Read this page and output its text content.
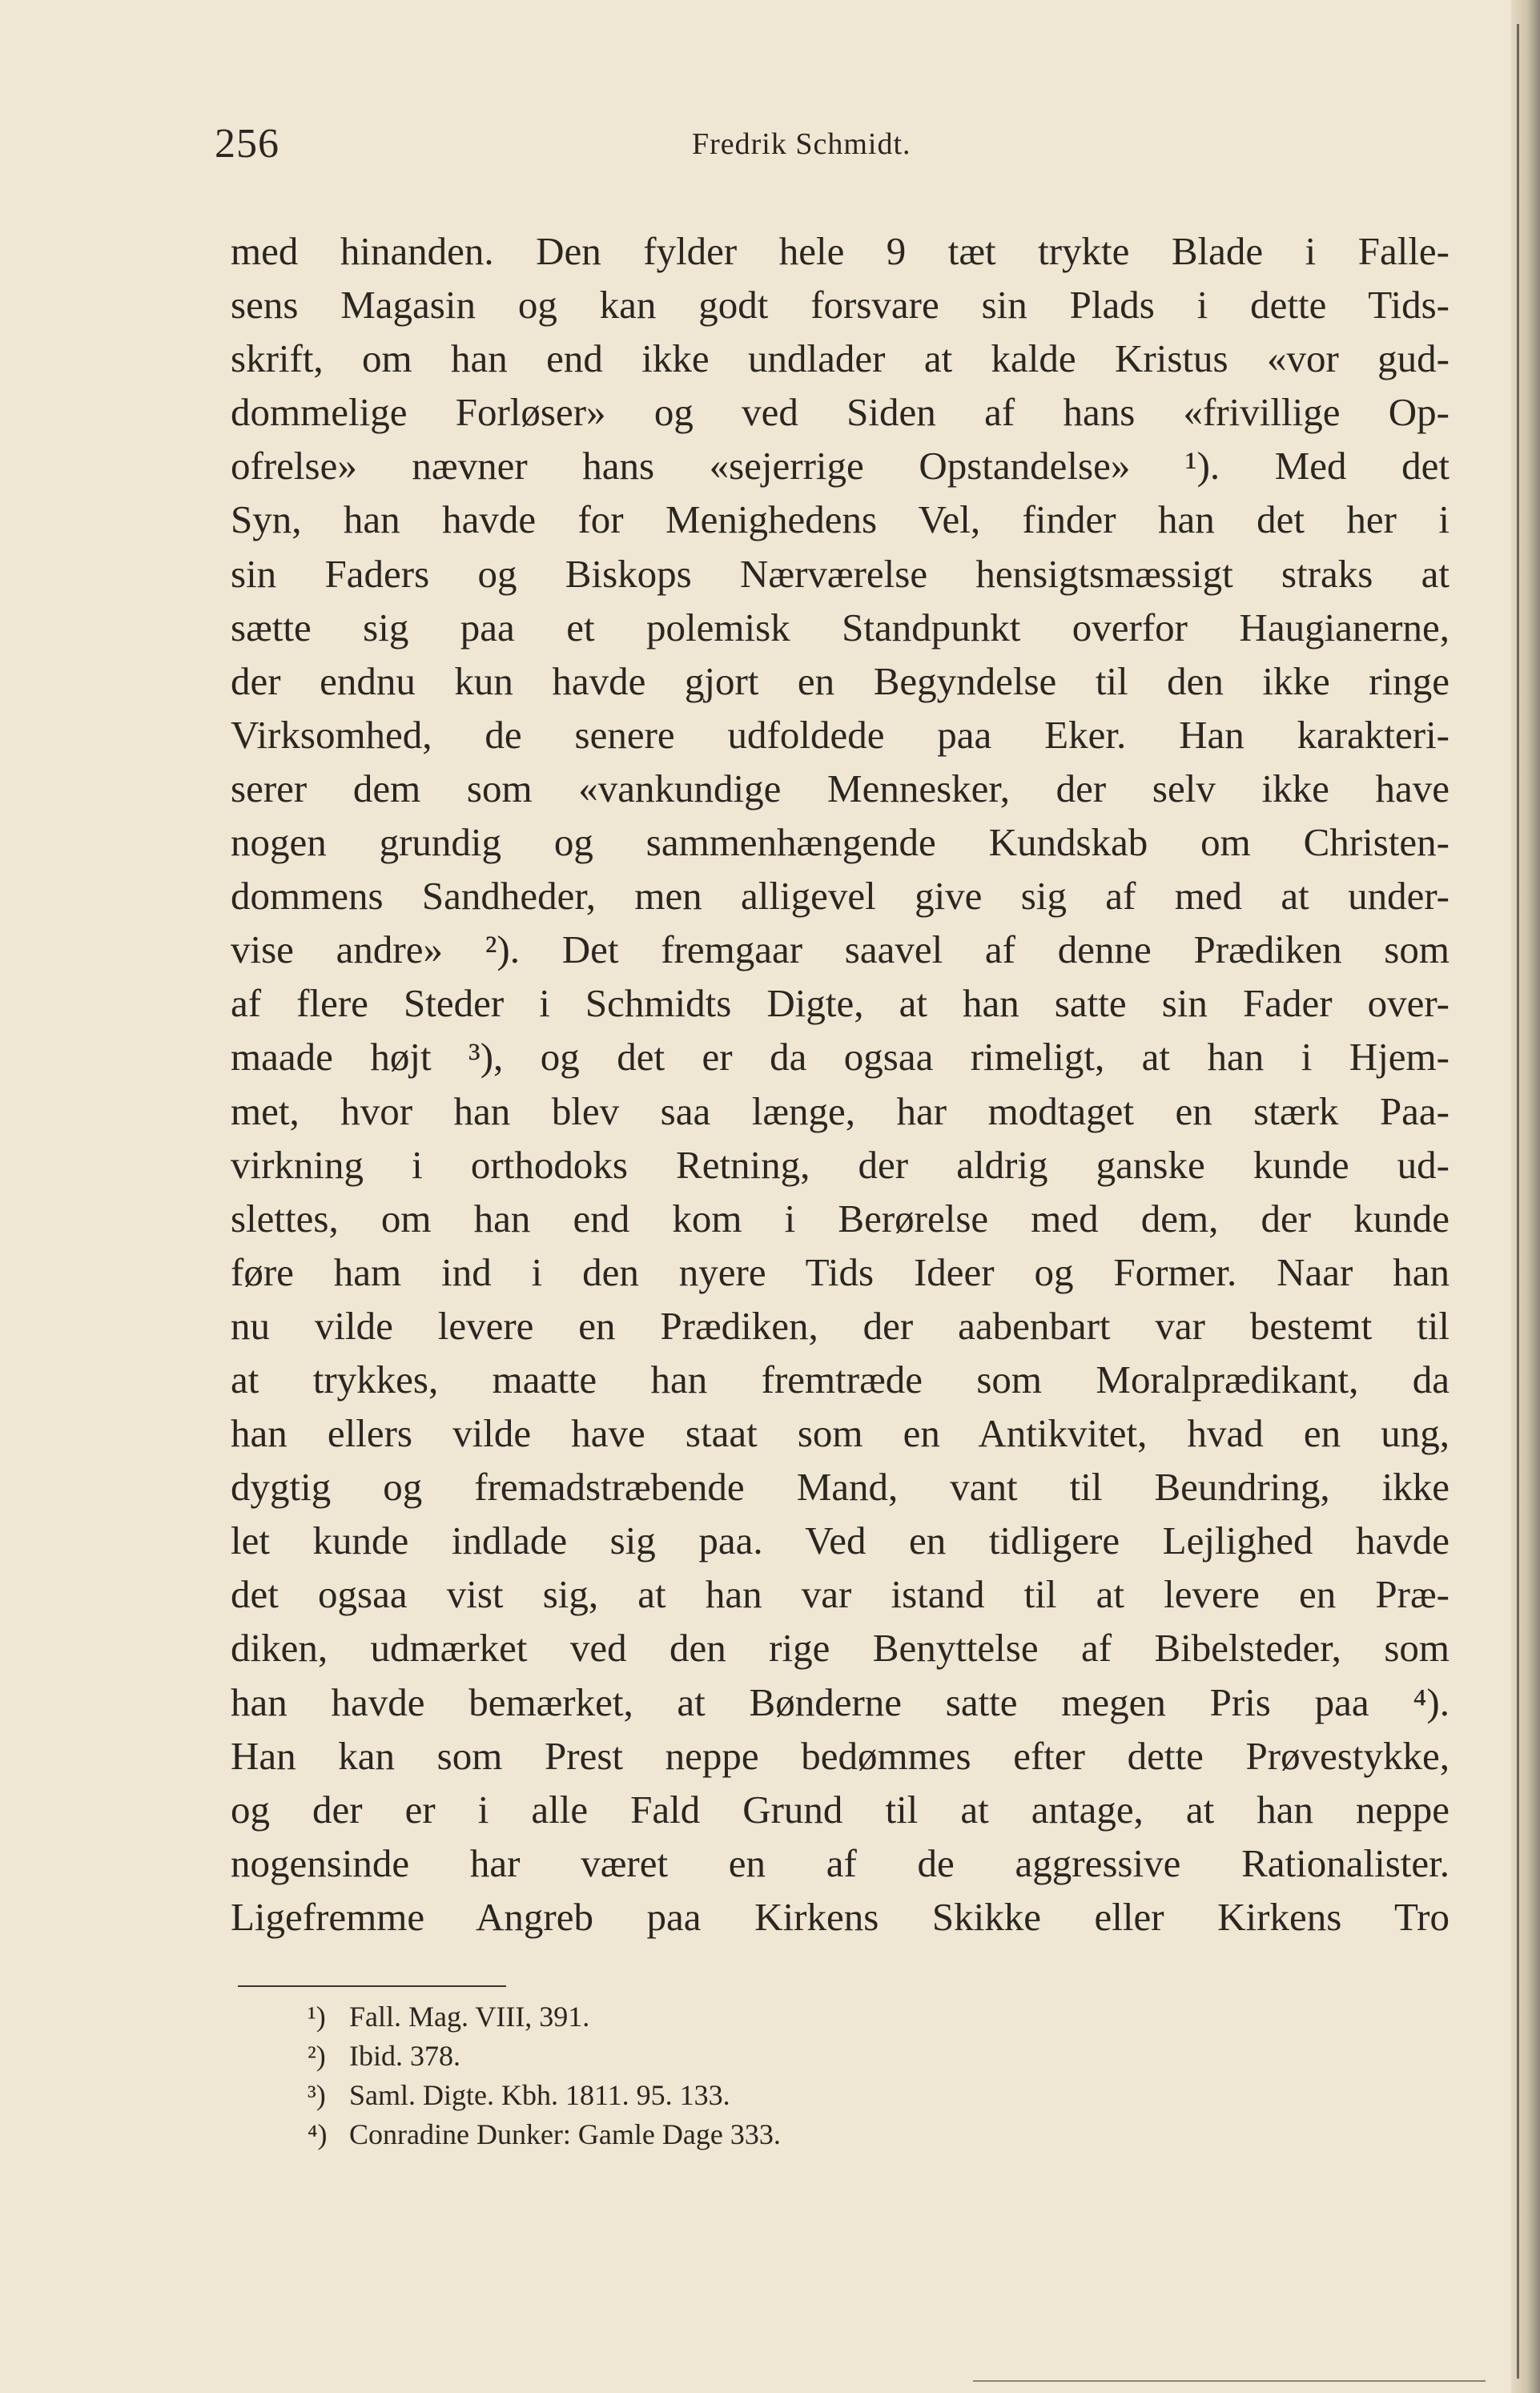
256	Fredrik Schmidt.
med hinanden. Den fylder hele 9 tæt trykte Blade i Falle-
sens Magasin og kan godt forsvare sin Plads i dette Tids-
skrift, om han end ikke undlader at kalde Kristus «vor gud-
dommelige Forløser» og ved Siden af hans «frivillige Op-
ofrelse» nævner hans «sejerrige Opstandelse» ¹). Med det
Syn, han havde for Menighedens Vel, finder han det her i
sin Faders og Biskops Nærværelse hensigtsmæssigt straks at
sætte sig paa et polemisk Standpunkt overfor Haugianerne,
der endnu kun havde gjort en Begyndelse til den ikke ringe
Virksomhed, de senere udfoldede paa Eker. Han karakteri-
serer dem som «vankundige Mennesker, der selv ikke have
nogen grundig og sammenhængende Kundskab om Christen-
dommens Sandheder, men alligevel give sig af med at under-
vise andre» ²). Det fremgaar saavel af denne Prædiken som
af flere Steder i Schmidts Digte, at han satte sin Fader over-
maade højt ³), og det er da ogsaa rimeligt, at han i Hjem-
met, hvor han blev saa længe, har modtaget en stærk Paa-
virkning i orthodoks Retning, der aldrig ganske kunde ud-
slettes, om han end kom i Berørelse med dem, der kunde
føre ham ind i den nyere Tids Ideer og Former. Naar han
nu vilde levere en Prædiken, der aabenbart var bestemt til
at trykkes, maatte han fremtræde som Moralprædikant, da
han ellers vilde have staat som en Antikvitet, hvad en ung,
dygtig og fremadstræbende Mand, vant til Beundring, ikke
let kunde indlade sig paa. Ved en tidligere Lejlighed havde
det ogsaa vist sig, at han var istand til at levere en Præ-
diken, udmærket ved den rige Benyttelse af Bibelsteder, som
han havde bemærket, at Bønderne satte megen Pris paa ⁴).
Han kan som Prest neppe bedømmes efter dette Prøvestykke,
og der er i alle Fald Grund til at antage, at han neppe
nogensinde har været en af de aggressive Rationalister.
Ligefremme Angreb paa Kirkens Skikke eller Kirkens Tro
¹) Fall. Mag. VIII, 391.
²) Ibid. 378.
³) Saml. Digte. Kbh. 1811. 95. 133.
⁴) Conradine Dunker: Gamle Dage 333.
